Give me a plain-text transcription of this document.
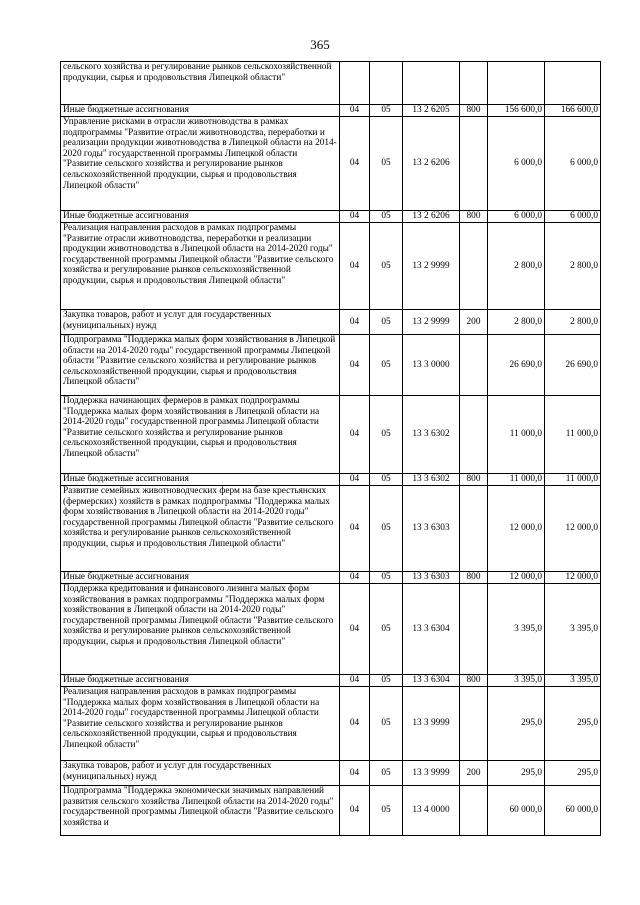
365
сельского хозяйства и регулирование рынков сельскохозяйственной продукции, сырья и продовольствия Липецкой области"						
Иные бюджетные ассигнования	04	05	13 2 6205	800	156 600,0	166 600,0
Управление рисками в отрасли животноводства в рамках подпрограммы "Развитие отрасли животноводства, переработки и реализации продукции животноводства в Липецкой области на 2014-2020 годы" государственной программы Липецкой области "Развитие сельского хозяйства и регулирование рынков сельскохозяйственной продукции, сырья и продовольствия Липецкой области"	04	05	13 2 6206		6 000,0	6 000,0
Иные бюджетные ассигнования	04	05	13 2 6206	800	6 000,0	6 000,0
Реализация направления расходов в рамках подпрограммы "Развитие отрасли животноводства, переработки и реализации продукции животноводства в Липецкой области на 2014-2020 годы" государственной программы Липецкой области "Развитие сельского хозяйства и регулирование рынков сельскохозяйственной продукции, сырья и продовольствия Липецкой области"	04	05	13 2 9999		2 800,0	2 800,0
Закупка товаров, работ и услуг для государственных (муниципальных) нужд	04	05	13 2 9999	200	2 800,0	2 800,0
Подпрограмма "Поддержка малых форм хозяйствования в Липецкой области на 2014-2020 годы" государственной программы Липецкой области "Развитие сельского хозяйства и регулирование рынков сельскохозяйственной продукции, сырья и продовольствия Липецкой области"	04	05	13 3 0000		26 690,0	26 690,0
Поддержка начинающих фермеров в рамках подпрограммы "Поддержка малых форм хозяйствования в Липецкой области на 2014-2020 годы" государственной программы Липецкой области "Развитие сельского хозяйства и регулирование рынков сельскохозяйственной продукции, сырья и продовольствия Липецкой области"	04	05	13 3 6302		11 000,0	11 000,0
Иные бюджетные ассигнования	04	05	13 3 6302	800	11 000,0	11 000,0
Развитие семейных животноводческих ферм на базе крестьянских (фермерских) хозяйств в рамках подпрограммы "Поддержка малых форм хозяйствования в Липецкой области на 2014-2020 годы" государственной программы Липецкой области "Развитие сельского хозяйства и регулирование рынков сельскохозяйственной продукции, сырья и продовольствия Липецкой области"	04	05	13 3 6303		12 000,0	12 000,0
Иные бюджетные ассигнования	04	05	13 3 6303	800	12 000,0	12 000,0
Поддержка кредитования и финансового лизинга малых форм хозяйствования в рамках подпрограммы "Поддержка малых форм хозяйствования в Липецкой области на 2014-2020 годы" государственной программы Липецкой области "Развитие сельского хозяйства и регулирование рынков сельскохозяйственной продукции, сырья и продовольствия Липецкой области"	04	05	13 3 6304		3 395,0	3 395,0
Иные бюджетные ассигнования	04	05	13 3 6304	800	3 395,0	3 395,0
Реализация направления расходов в рамках подпрограммы "Поддержка малых форм хозяйствования в Липецкой области на 2014-2020 годы" государственной программы Липецкой области "Развитие сельского хозяйства и регулирование рынков сельскохозяйственной продукции, сырья и продовольствия Липецкой области"	04	05	13 3 9999		295,0	295,0
Закупка товаров, работ и услуг для государственных (муниципальных) нужд	04	05	13 3 9999	200	295,0	295,0
Подпрограмма "Поддержка экономически значимых направлений развития сельского хозяйства Липецкой области на 2014-2020 годы" государственной программы Липецкой области "Развитие сельского хозяйства и	04	05	13 4 0000		60 000,0	60 000,0
